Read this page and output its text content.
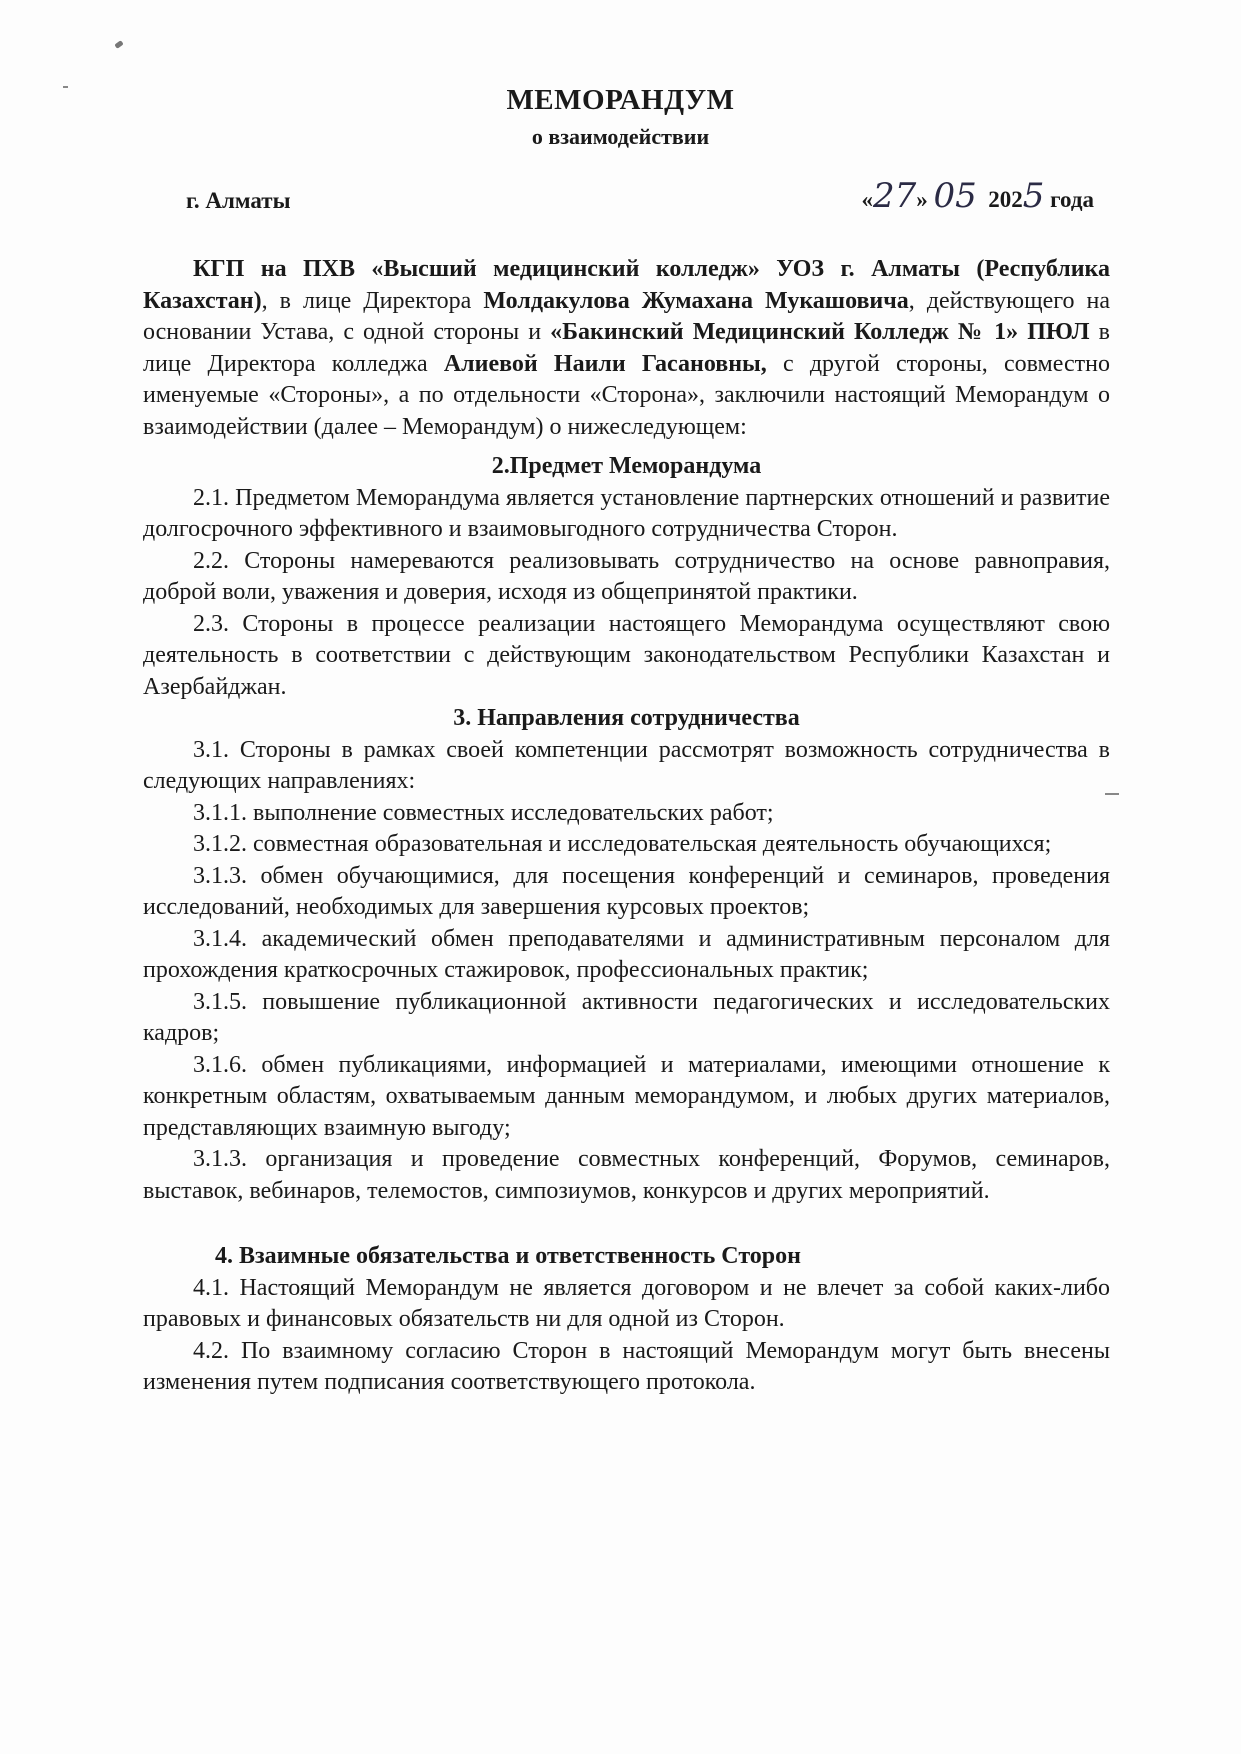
МЕМОРАНДУМ
о взаимодействии
г. Алматы	«27» 05 2025 года

КГП на ПХВ «Высший медицинский колледж» УОЗ г. Алматы (Республика Казахстан), в лице Директора Молдакулова Жумахана Мукашовича, действующего на основании Устава, с одной стороны и «Бакинский Медицинский Колледж № 1» ПЮЛ в лице Директора колледжа Алиевой Наили Гасановны, с другой стороны, совместно именуемые «Стороны», а по отдельности «Сторона», заключили настоящий Меморандум о взаимодействии (далее – Меморандум) о нижеследующем:

2.Предмет Меморандума

2.1. Предметом Меморандума является установление партнерских отношений и развитие долгосрочного эффективного и взаимовыгодного сотрудничества Сторон.

2.2. Стороны намереваются реализовывать сотрудничество на основе равноправия, доброй воли, уважения и доверия, исходя из общепринятой практики.

2.3. Стороны в процессе реализации настоящего Меморандума осуществляют свою деятельность в соответствии с действующим законодательством Республики Казахстан и Азербайджан.

3. Направления сотрудничества

3.1. Стороны в рамках своей компетенции рассмотрят возможность сотрудничества в следующих направлениях:

3.1.1. выполнение совместных исследовательских работ;

3.1.2. совместная образовательная и исследовательская деятельность обучающихся;

3.1.3. обмен обучающимися, для посещения конференций и семинаров, проведения исследований, необходимых для завершения курсовых проектов;

3.1.4. академический обмен преподавателями и административным персоналом для прохождения краткосрочных стажировок, профессиональных практик;

3.1.5. повышение публикационной активности педагогических и исследовательских кадров;

3.1.6. обмен публикациями, информацией и материалами, имеющими отношение к конкретным областям, охватываемым данным меморандумом, и любых других материалов, представляющих взаимную выгоду;

3.1.3. организация и проведение совместных конференций, Форумов, семинаров, выставок, вебинаров, телемостов, симпозиумов, конкурсов и других мероприятий.

4. Взаимные обязательства и ответственность Сторон

4.1. Настоящий Меморандум не является договором и не влечет за собой каких-либо правовых и финансовых обязательств ни для одной из Сторон.

4.2. По взаимному согласию Сторон в настоящий Меморандум могут быть внесены изменения путем подписания соответствующего протокола.
